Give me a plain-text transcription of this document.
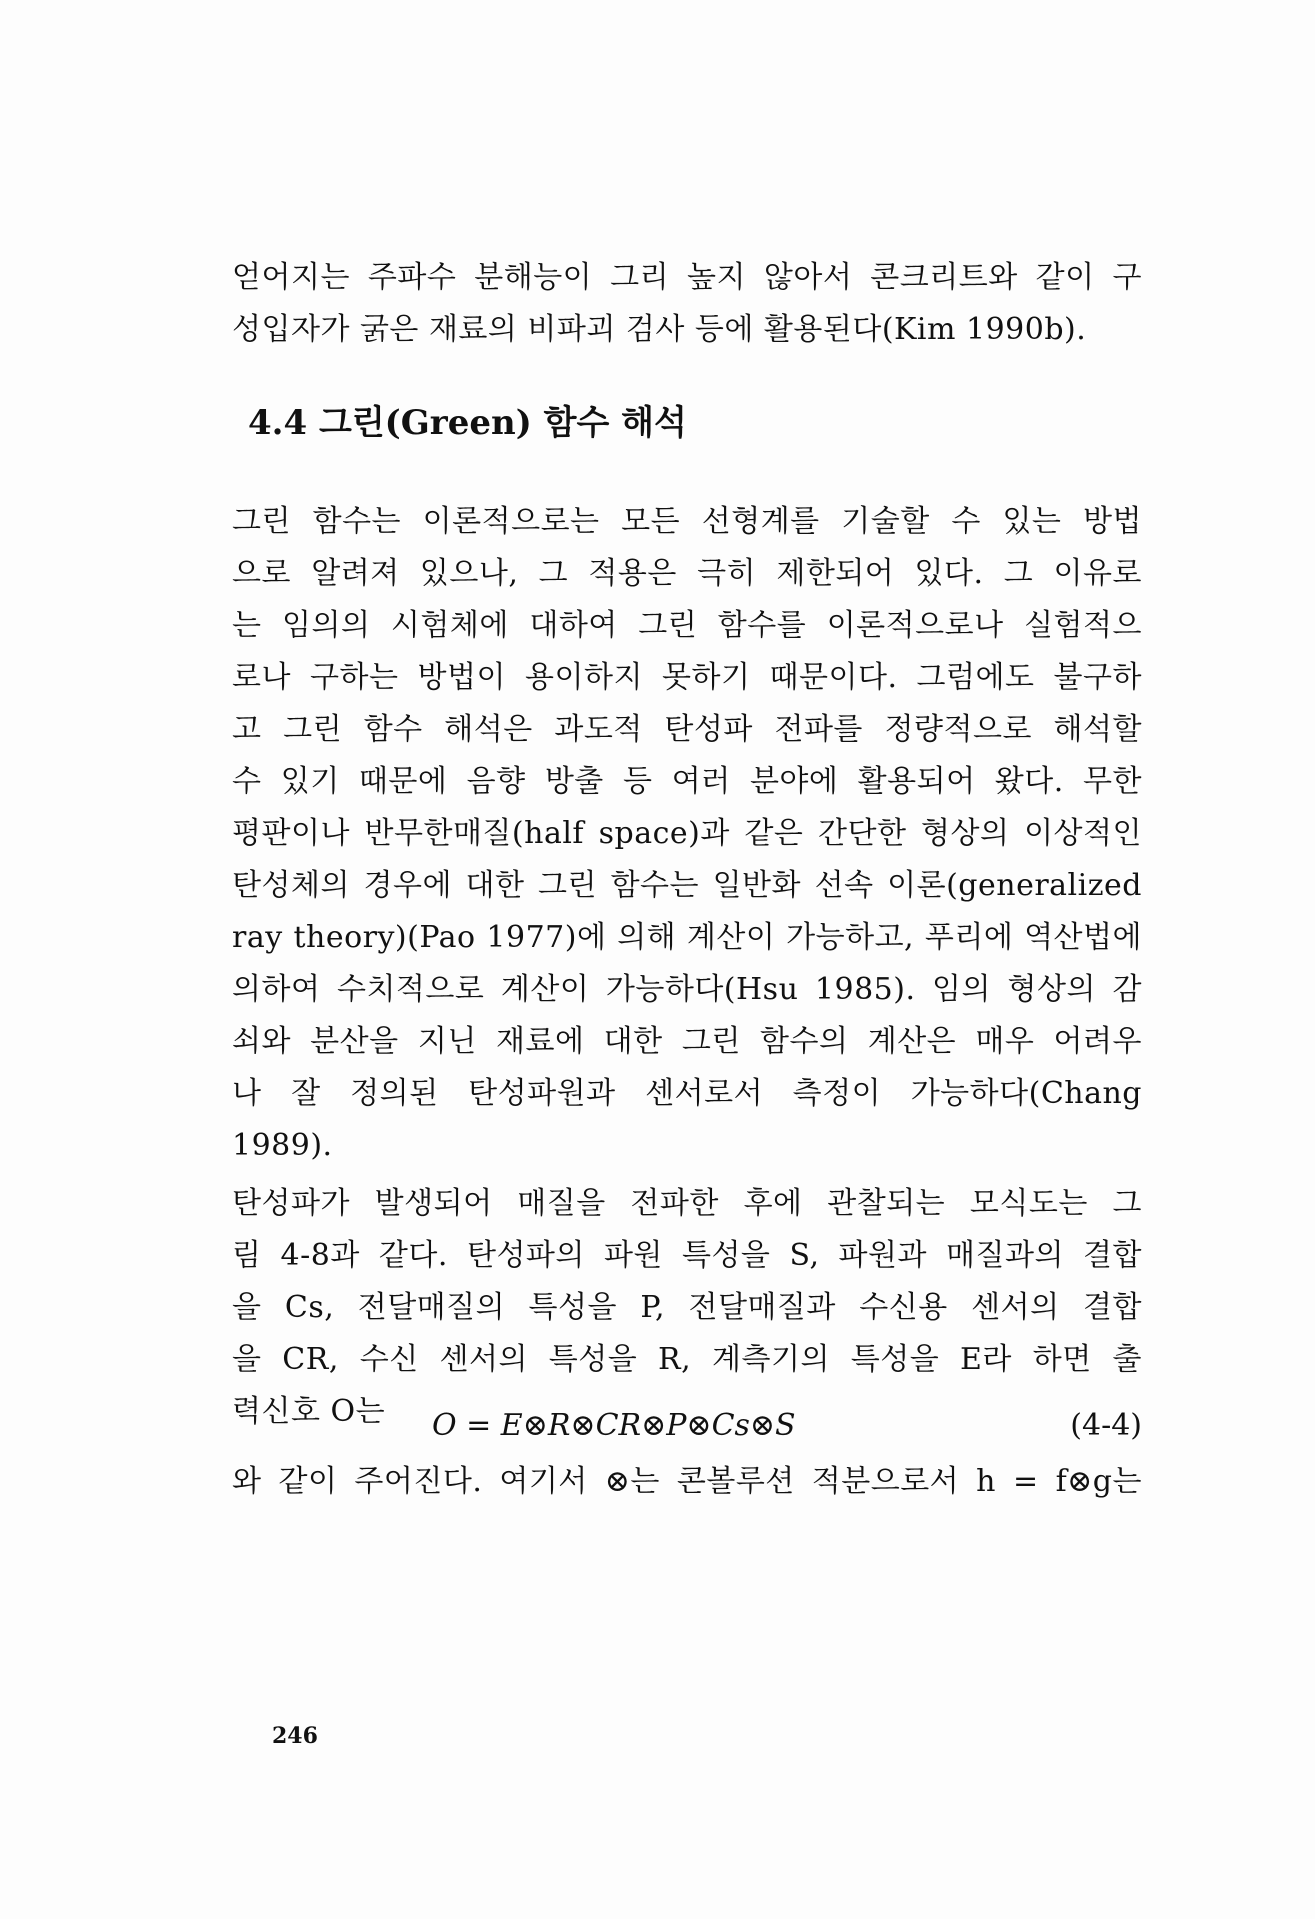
얻어지는 주파수 분해능이 그리 높지 않아서 콘크리트와 같이 구
성입자가 굵은 재료의 비파괴 검사 등에 활용된다(Kim 1990b).
4.4 그린(Green) 함수 해석
그린 함수는 이론적으로는 모든 선형계를 기술할 수 있는 방법
으로 알려져 있으나, 그 적용은 극히 제한되어 있다. 그 이유로
는 임의의 시험체에 대하여 그린 함수를 이론적으로나 실험적으
로나 구하는 방법이 용이하지 못하기 때문이다. 그럼에도 불구하
고 그린 함수 해석은 과도적 탄성파 전파를 정량적으로 해석할
수 있기 때문에 음향 방출 등 여러 분야에 활용되어 왔다. 무한
평판이나 반무한매질(half space)과 같은 간단한 형상의 이상적인
탄성체의 경우에 대한 그린 함수는 일반화 선속 이론(generalized
ray theory)(Pao 1977)에 의해 계산이 가능하고, 푸리에 역산법에
의하여 수치적으로 계산이 가능하다(Hsu 1985). 임의 형상의 감
쇠와 분산을 지닌 재료에 대한 그린 함수의 계산은 매우 어려우
나 잘 정의된 탄성파원과 센서로서 측정이 가능하다(Chang
1989).
탄성파가 발생되어 매질을 전파한 후에 관찰되는 모식도는 그
림 4-8과 같다. 탄성파의 파원 특성을 S, 파원과 매질과의 결합
을 Cs, 전달매질의 특성을 P, 전달매질과 수신용 센서의 결합
을 CR, 수신 센서의 특성을 R, 계측기의 특성을 E라 하면 출
력신호 O는	O = E⊗R⊗CR⊗P⊗Cs⊗S	(4-4)
와 같이 주어진다. 여기서 ⊗는 콘볼루션 적분으로서 h = f⊗g는
246
